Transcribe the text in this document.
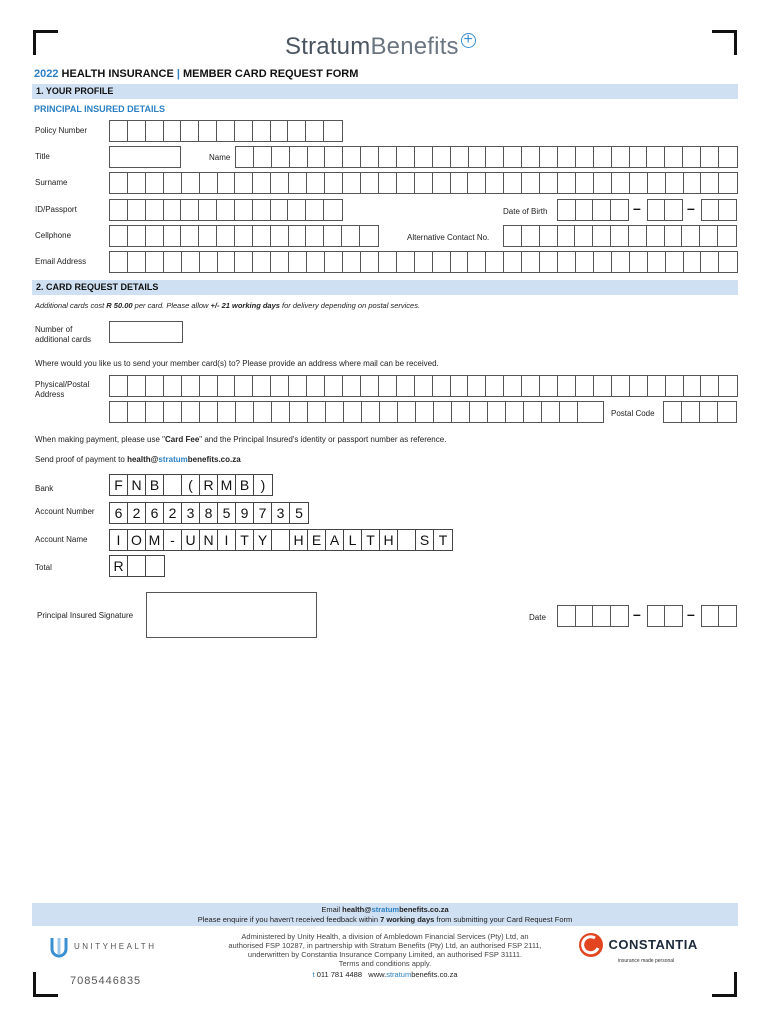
StratumBenefits +
2022 HEALTH INSURANCE | MEMBER CARD REQUEST FORM
1. YOUR PROFILE
PRINCIPAL INSURED DETAILS
Policy Number
Title	Name
Surname
ID/Passport	Date of Birth	–	–
Cellphone	Alternative Contact No.
Email Address
2. CARD REQUEST DETAILS
Additional cards cost R 50.00 per card. Please allow +/- 21 working days for delivery depending on postal services.
Number of
additional cards
Where would you like us to send your member card(s) to? Please provide an address where mail can be received.
Physical/Postal
Address
Postal Code
When making payment, please use "Card Fee" and the Principal Insured's identity or passport number as reference.
Send proof of payment to health@stratumbenefits.co.za
Bank	F N B	( R M B )
Account Number	6 2 6 2 3 8 5 9 7 3 5
Account Name	I O M - U N I T Y	H E A L T H	S T
Total	R
Principal Insured Signature	Date	–	–
Email health@stratumbenefits.co.za
Please enquire if you haven't received feedback within 7 working days from submitting your Card Request Form
UNITYHEALTH
Administered by Unity Health, a division of Ambledown Financial Services (Pty) Ltd, an
authorised FSP 10287, in partnership with Stratum Benefits (Pty) Ltd, an authorised FSP 2111,
underwritten by Constantia Insurance Company Limited, an authorised FSP 31111.
Terms and conditions apply.
t 011 781 4488 www.stratumbenefits.co.za
7085446835
CONSTANTIA
insurance made personal
